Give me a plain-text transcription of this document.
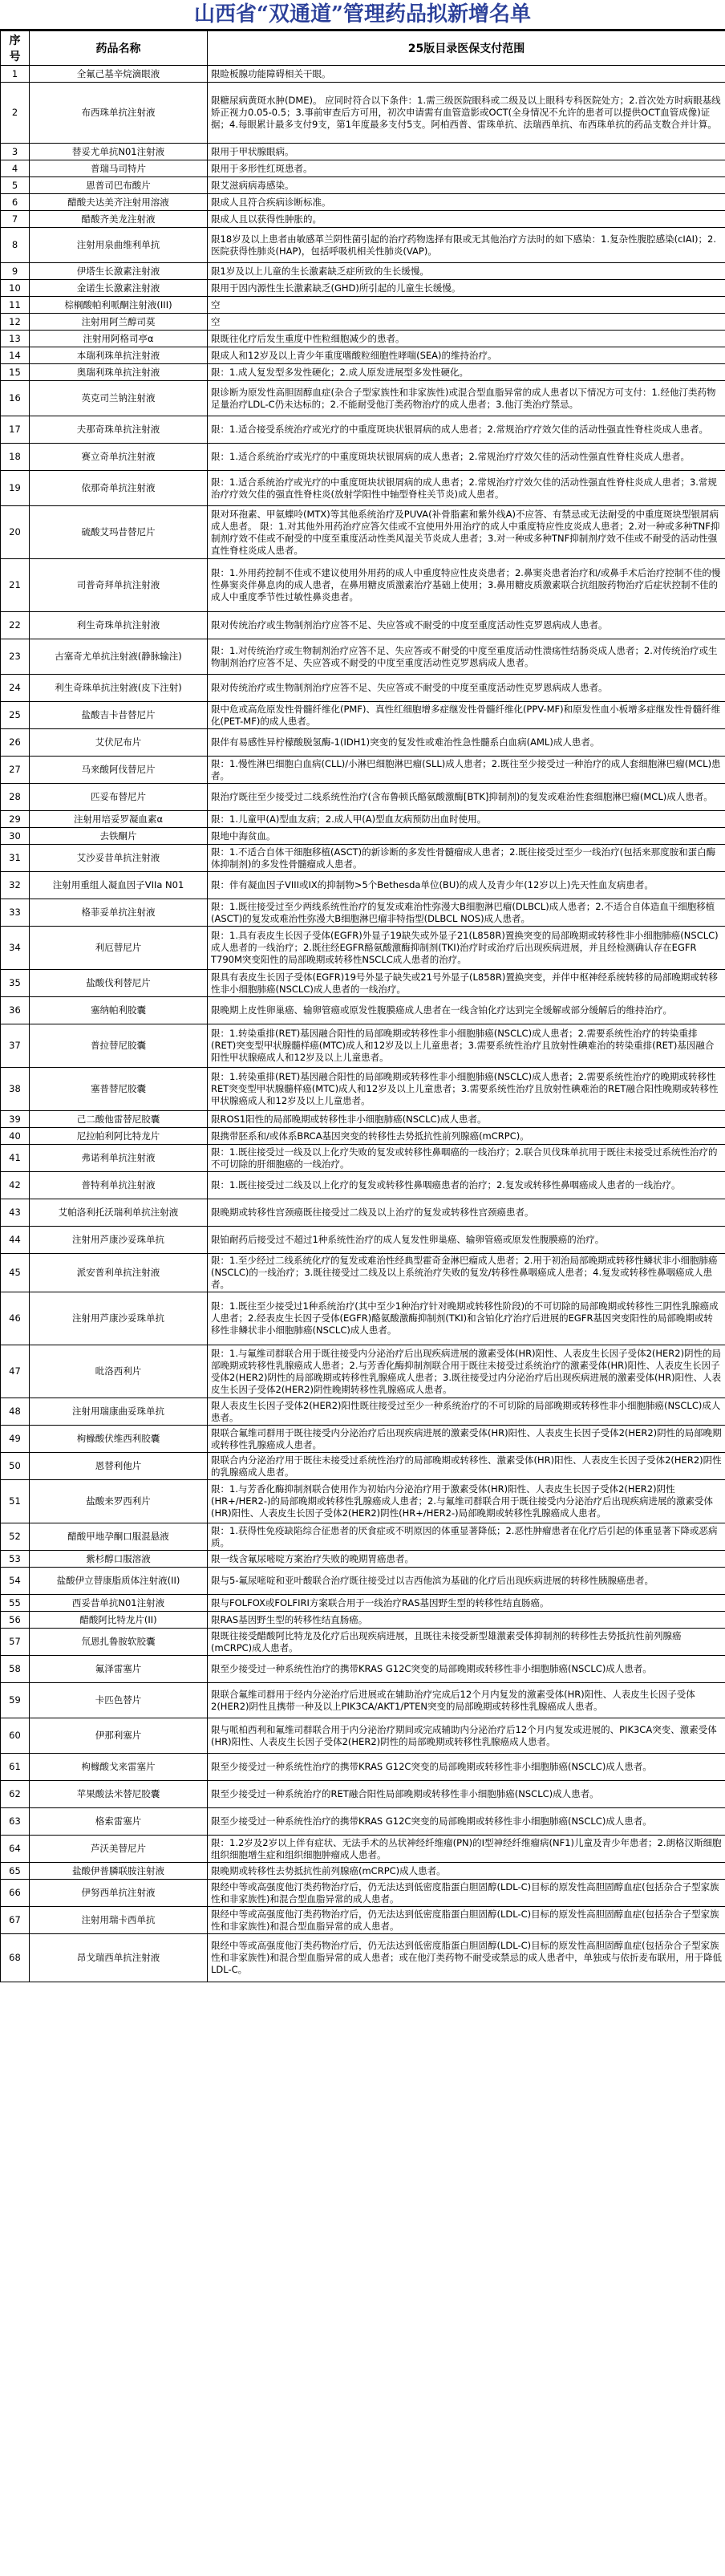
山西省“双通道”管理药品拟新增名单
序号	药品名称	25版目录医保支付范围
1	全氟己基辛烷滴眼液	限睑板腺功能障碍相关干眼。
2	布西珠单抗注射液	限糖尿病黄斑水肿(DME)。 应同时符合以下条件：1.需三级医院眼科或二级及以上眼科专科医院处方；2.首次处方时病眼基线矫正视力0.05-0.5；3.事前审查后方可用，初次申请需有血管造影或OCT(全身情况不允许的患者可以提供OCT血管成像)证据；4.每眼累计最多支付9支，第1年度最多支付5支。阿柏西普、雷珠单抗、法瑞西单抗、布西珠单抗的药品支数合并计算。
3	替妥尤单抗N01注射液	限用于甲状腺眼病。
4	普瑞马司特片	限用于多形性红斑患者。
5	恩普司巴布酸片	限艾滋病病毒感染。
6	醋酸夫达美齐注射用溶液	限成人且符合疾病诊断标准。
7	醋酸齐美龙注射液	限成人且以获得性肿胀的。
8	注射用泉曲维利单抗	限18岁及以上患者由敏感革兰阴性菌引起的治疗药物选择有限或无其他治疗方法时的如下感染：1.复杂性腹腔感染(cIAI)；2.医院获得性肺炎(HAP)，包括呼吸机相关性肺炎(VAP)。
9	伊塔生长激素注射液	限1岁及以上儿童的生长激素缺乏症所致的生长缓慢。
10	金诺生长激素注射液	限用于因内源性生长激素缺乏(GHD)所引起的儿童生长缓慢。
11	棕榈酸帕利哌酮注射液(III)	空
12	注射用阿兰醇司莫	空
13	注射用阿格司亭α	限既往化疗后发生重度中性粒细胞减少的患者。
14	本瑞利珠单抗注射液	限成人和12岁及以上青少年重度嗜酸粒细胞性哮喘(SEA)的维持治疗。
15	奥瑞利珠单抗注射液	限：1.成人复发型多发性硬化；2.成人原发进展型多发性硬化。
16	英克司兰钠注射液	限诊断为原发性高胆固醇血症(杂合子型家族性和非家族性)或混合型血脂异常的成人患者以下情况方可支付：1.经他汀类药物足量治疗LDL-C仍未达标的；2.不能耐受他汀类药物治疗的成人患者；3.他汀类治疗禁忌。
17	夫那奇珠单抗注射液	限：1.适合接受系统治疗或光疗的中重度斑块状银屑病的成人患者；2.常规治疗疗效欠佳的活动性强直性脊柱炎成人患者。
18	赛立奇单抗注射液	限：1.适合系统治疗或光疗的中重度斑块状银屑病的成人患者；2.常规治疗疗效欠佳的活动性强直性脊柱炎成人患者。
19	依那奇单抗注射液	限：1.适合系统治疗或光疗的中重度斑块状银屑病的成人患者；2.常规治疗疗效欠佳的活动性强直性脊柱炎成人患者；3.常规治疗疗效欠佳的强直性脊柱炎(放射学阳性中轴型脊柱关节炎)成人患者。
20	硫酸艾玛昔替尼片	限对环孢素、甲氨蝶呤(MTX)等其他系统治疗及PUVA(补骨脂素和紫外线A)不应答、有禁忌或无法耐受的中重度斑块型银屑病成人患者。 限：1.对其他外用药治疗应答欠佳或不宜使用外用治疗的成人中重度特应性皮炎成人患者；2.对一种或多种TNF抑制剂疗效不佳或不耐受的中度至重度活动性类风湿关节炎成人患者；3.对一种或多种TNF抑制剂疗效不佳或不耐受的活动性强直性脊柱炎成人患者。
21	司普奇拜单抗注射液	限：1.外用药控制不佳或不建议使用外用药的成人中重度特应性皮炎患者；2.鼻窦炎患者治疗和/或鼻手术后治疗控制不佳的慢性鼻窦炎伴鼻息肉的成人患者，在鼻用糖皮质激素治疗基础上使用；3.鼻用糖皮质激素联合抗组胺药物治疗后症状控制不佳的成人中重度季节性过敏性鼻炎患者。
22	利生奇珠单抗注射液	限对传统治疗或生物制剂治疗应答不足、失应答或不耐受的中度至重度活动性克罗恩病成人患者。
23	古塞奇尤单抗注射液(静脉输注)	限：1.对传统治疗或生物制剂治疗应答不足、失应答或不耐受的中度至重度活动性溃疡性结肠炎成人患者；2.对传统治疗或生物制剂治疗应答不足、失应答或不耐受的中度至重度活动性克罗恩病成人患者。
24	利生奇珠单抗注射液(皮下注射)	限对传统治疗或生物制剂治疗应答不足、失应答或不耐受的中度至重度活动性克罗恩病成人患者。
25	盐酸吉卡昔替尼片	限中危或高危原发性骨髓纤维化(PMF)、真性红细胞增多症继发性骨髓纤维化(PPV-MF)和原发性血小板增多症继发性骨髓纤维化(PET-MF)的成人患者。
26	艾伏尼布片	限伴有易感性异柠檬酸脱氢酶-1(IDH1)突变的复发性或难治性急性髓系白血病(AML)成人患者。
27	马来酸阿伐替尼片	限：1.慢性淋巴细胞白血病(CLL)/小淋巴细胞淋巴瘤(SLL)成人患者；2.既往至少接受过一种治疗的成人套细胞淋巴瘤(MCL)患者。
28	匹妥布替尼片	限治疗既往至少接受过二线系统性治疗(含布鲁顿氏酪氨酸激酶[BTK]抑制剂)的复发或难治性套细胞淋巴瘤(MCL)成人患者。
29	注射用培妥罗凝血素α	限：1.儿童甲(A)型血友病；2.成人甲(A)型血友病预防出血时使用。
30	去铁酮片	限地中海贫血。
31	艾沙妥昔单抗注射液	限：1.不适合自体干细胞移植(ASCT)的新诊断的多发性骨髓瘤成人患者；2.既往接受过至少一线治疗(包括来那度胺和蛋白酶体抑制剂)的多发性骨髓瘤成人患者。
32	注射用重组人凝血因子VIIa N01	限：伴有凝血因子VIII或IX的抑制物>5个Bethesda单位(BU)的成人及青少年(12岁以上)先天性血友病患者。
33	格菲妥单抗注射液	限：1.既往接受过至少两线系统性治疗的复发或难治性弥漫大B细胞淋巴瘤(DLBCL)成人患者；2.不适合自体造血干细胞移植(ASCT)的复发或难治性弥漫大B细胞淋巴瘤非特指型(DLBCL NOS)成人患者。
34	利厄替尼片	限：1.具有表皮生长因子受体(EGFR)外显子19缺失或外显子21(L858R)置换突变的局部晚期或转移性非小细胞肺癌(NSCLC)成人患者的一线治疗；2.既往经EGFR酪氨酸激酶抑制剂(TKI)治疗时或治疗后出现疾病进展，并且经检测确认存在EGFR T790M突变阳性的局部晚期或转移性NSCLC成人患者的治疗。
35	盐酸伐利替尼片	限具有表皮生长因子受体(EGFR)19号外显子缺失或21号外显子(L858R)置换突变，并伴中枢神经系统转移的局部晚期或转移性非小细胞肺癌(NSCLC)成人患者的一线治疗。
36	塞纳帕利胶囊	限晚期上皮性卵巢癌、输卵管癌或原发性腹膜癌成人患者在一线含铂化疗达到完全缓解或部分缓解后的维持治疗。
37	普拉替尼胶囊	限：1.转染重排(RET)基因融合阳性的局部晚期或转移性非小细胞肺癌(NSCLC)成人患者；2.需要系统性治疗的转染重排(RET)突变型甲状腺髓样癌(MTC)成人和12岁及以上儿童患者；3.需要系统性治疗且放射性碘难治的转染重排(RET)基因融合阳性甲状腺癌成人和12岁及以上儿童患者。
38	塞普替尼胶囊	限：1.转染重排(RET)基因融合阳性的局部晚期或转移性非小细胞肺癌(NSCLC)成人患者；2.需要系统性治疗的晚期或转移性RET突变型甲状腺髓样癌(MTC)成人和12岁及以上儿童患者；3.需要系统性治疗且放射性碘难治的RET融合阳性晚期或转移性甲状腺癌成人和12岁及以上儿童患者。
39	己二酸他雷替尼胶囊	限ROS1阳性的局部晚期或转移性非小细胞肺癌(NSCLC)成人患者。
40	尼拉帕利阿比特龙片	限携带胚系和/或体系BRCA基因突变的转移性去势抵抗性前列腺癌(mCRPC)。
41	弗诺利单抗注射液	限：1.既往接受过一线及以上化疗失败的复发或转移性鼻咽癌的一线治疗；2.联合贝伐珠单抗用于既往未接受过系统性治疗的不可切除的肝细胞癌的一线治疗。
42	普特利单抗注射液	限：1.既往接受过二线及以上化疗的复发或转移性鼻咽癌患者的治疗；2.复发或转移性鼻咽癌成人患者的一线治疗。
43	艾帕洛利托沃瑞利单抗注射液	限晚期或转移性宫颈癌既往接受过二线及以上治疗的复发或转移性宫颈癌患者。
44	注射用芦康沙妥珠单抗	限铂耐药后接受过不超过1种系统性治疗的成人复发性卵巢癌、输卵管癌或原发性腹膜癌的治疗。
45	派安普利单抗注射液	限：1.至少经过二线系统化疗的复发或难治性经典型霍奇金淋巴瘤成人患者；2.用于初治局部晚期或转移性鳞状非小细胞肺癌(NSCLC)的一线治疗；3.既往接受过二线及以上系统治疗失败的复发/转移性鼻咽癌成人患者；4.复发或转移性鼻咽癌成人患者。
46	注射用芦康沙妥珠单抗	限：1.既往至少接受过1种系统治疗(其中至少1种治疗针对晚期或转移性阶段)的不可切除的局部晚期或转移性三阴性乳腺癌成人患者；2.经表皮生长因子受体(EGFR)酪氨酸激酶抑制剂(TKI)和含铂化疗治疗后进展的EGFR基因突变阳性的局部晚期或转移性非鳞状非小细胞肺癌(NSCLC)成人患者。
47	吡洛西利片	限：1.与氟维司群联合用于既往接受内分泌治疗后出现疾病进展的激素受体(HR)阳性、人表皮生长因子受体2(HER2)阴性的局部晚期或转移性乳腺癌成人患者；2.与芳香化酶抑制剂联合用于既往未接受过系统治疗的激素受体(HR)阳性、人表皮生长因子受体2(HER2)阴性的局部晚期或转移性乳腺癌成人患者；3.既往接受过内分泌治疗后出现疾病进展的激素受体(HR)阳性、人表皮生长因子受体2(HER2)阴性晚期转移性乳腺癌成人患者。
48	注射用瑞康曲妥珠单抗	限人表皮生长因子受体2(HER2)阳性既往接受过至少一种系统治疗的不可切除的局部晚期或转移性非小细胞肺癌(NSCLC)成人患者。
49	枸橼酸伏维西利胶囊	限联合氟维司群用于既往接受内分泌治疗后出现疾病进展的激素受体(HR)阳性、人表皮生长因子受体2(HER2)阴性的局部晚期或转移性乳腺癌成人患者。
50	恩替利他片	限联合内分泌治疗用于既往未接受过系统性治疗的局部晚期或转移性、激素受体(HR)阳性、人表皮生长因子受体2(HER2)阴性的乳腺癌成人患者。
51	盐酸来罗西利片	限：1.与芳香化酶抑制剂联合使用作为初始内分泌治疗用于激素受体(HR)阳性、人表皮生长因子受体2(HER2)阴性(HR+/HER2-)的局部晚期或转移性乳腺癌成人患者；2.与氟维司群联合用于既往接受内分泌治疗后出现疾病进展的激素受体(HR)阳性、人表皮生长因子受体2(HER2)阴性(HR+/HER2-)局部晚期或转移性乳腺癌成人患者。
52	醋酸甲地孕酮口服混悬液	限：1.获得性免疫缺陷综合征患者的厌食症或不明原因的体重显著降低；2.恶性肿瘤患者在化疗后引起的体重显著下降或恶病质。
53	紫杉醇口服溶液	限一线含氟尿嘧啶方案治疗失败的晚期胃癌患者。
54	盐酸伊立替康脂质体注射液(II)	限与5-氟尿嘧啶和亚叶酸联合治疗既往接受过以吉西他滨为基础的化疗后出现疾病进展的转移性胰腺癌患者。
55	西妥昔单抗N01注射液	限与FOLFOX或FOLFIRI方案联合用于一线治疗RAS基因野生型的转移性结直肠癌。
56	醋酸阿比特龙片(II)	限RAS基因野生型的转移性结直肠癌。
57	氘恩扎鲁胺软胶囊	限既往接受醋酸阿比特龙及化疗后出现疾病进展，且既往未接受新型雄激素受体抑制剂的转移性去势抵抗性前列腺癌(mCRPC)成人患者。
58	氟泽雷塞片	限至少接受过一种系统性治疗的携带KRAS G12C突变的局部晚期或转移性非小细胞肺癌(NSCLC)成人患者。
59	卡匹色替片	限联合氟维司群用于经内分泌治疗后进展或在辅助治疗完成后12个月内复发的激素受体(HR)阳性、人表皮生长因子受体2(HER2)阴性且携带一种及以上PIK3CA/AKT1/PTEN突变的局部晚期或转移性乳腺癌成人患者。
60	伊那利塞片	限与哌柏西利和氟维司群联合用于内分泌治疗期间或完成辅助内分泌治疗后12个月内复发或进展的、PIK3CA突变、激素受体(HR)阳性、人表皮生长因子受体2(HER2)阴性的局部晚期或转移性乳腺癌成人患者。
61	枸橼酸戈来雷塞片	限至少接受过一种系统性治疗的携带KRAS G12C突变的局部晚期或转移性非小细胞肺癌(NSCLC)成人患者。
62	苹果酸法米替尼胶囊	限至少接受过一种系统治疗的RET融合阳性局部晚期或转移性非小细胞肺癌(NSCLC)成人患者。
63	格索雷塞片	限至少接受过一种系统性治疗的携带KRAS G12C突变的局部晚期或转移性非小细胞肺癌(NSCLC)成人患者。
64	芦沃美替尼片	限：1.2岁及2岁以上伴有症状、无法手术的丛状神经纤维瘤(PN)的I型神经纤维瘤病(NF1)儿童及青少年患者；2.朗格汉斯细胞组织细胞增生症和组织细胞肿瘤成人患者。
65	盐酸伊普膦联胺注射液	限晚期或转移性去势抵抗性前列腺癌(mCRPC)成人患者。
66	伊努西单抗注射液	限经中等或高强度他汀类药物治疗后，仍无法达到低密度脂蛋白胆固醇(LDL-C)目标的原发性高胆固醇血症(包括杂合子型家族性和非家族性)和混合型血脂异常的成人患者。
67	注射用瑞卡西单抗	限经中等或高强度他汀类药物治疗后，仍无法达到低密度脂蛋白胆固醇(LDL-C)目标的原发性高胆固醇血症(包括杂合子型家族性和非家族性)和混合型血脂异常的成人患者。
68	昂戈瑞西单抗注射液	限经中等或高强度他汀类药物治疗后，仍无法达到低密度脂蛋白胆固醇(LDL-C)目标的原发性高胆固醇血症(包括杂合子型家族性和非家族性)和混合型血脂异常的成人患者；或在他汀类药物不耐受或禁忌的成人患者中，单独或与依折麦布联用，用于降低LDL-C。
